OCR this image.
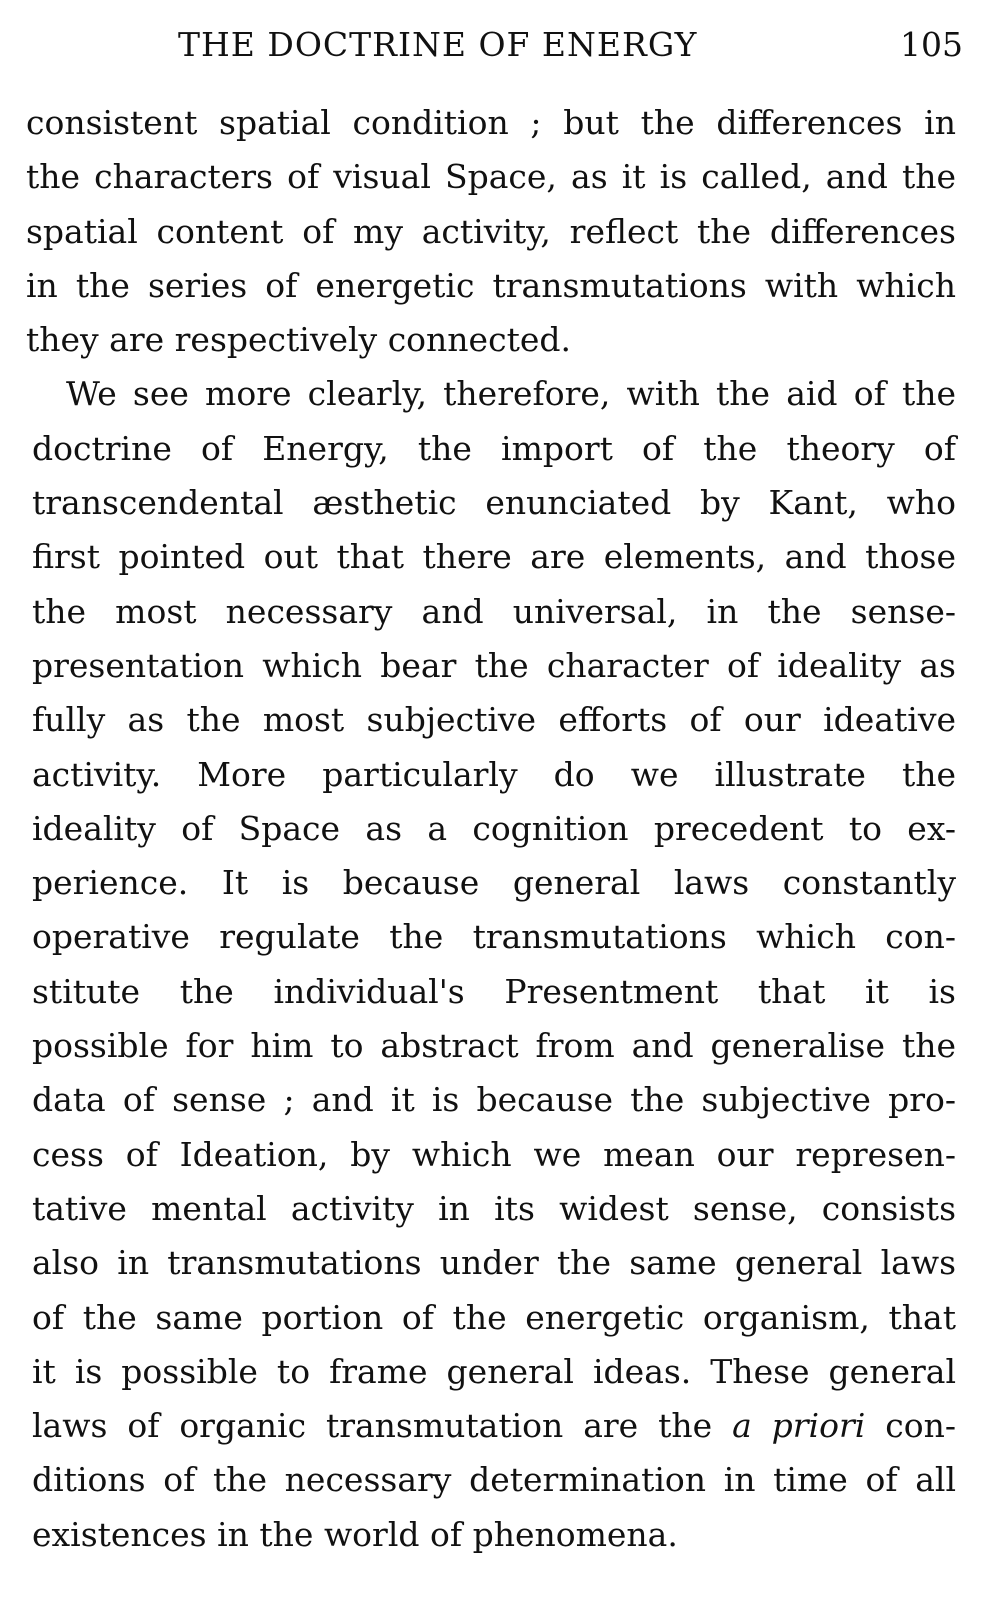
THE DOCTRINE OF ENERGY	105
consistent spatial condition ; but the differences in
the characters of visual Space, as it is called, and the
spatial content of my activity, reflect the differences
in the series of energetic transmutations with which
they are respectively connected.
We see more clearly, therefore, with the aid of the
doctrine of Energy, the import of the theory of
transcendental æsthetic enunciated by Kant, who
first pointed out that there are elements, and those
the most necessary and universal, in the sense-
presentation which bear the character of ideality as
fully as the most subjective efforts of our ideative
activity. More particularly do we illustrate the
ideality of Space as a cognition precedent to ex-
perience. It is because general laws constantly
operative regulate the transmutations which con-
stitute the individual's Presentment that it is
possible for him to abstract from and generalise the
data of sense ; and it is because the subjective pro-
cess of Ideation, by which we mean our represen-
tative mental activity in its widest sense, consists
also in transmutations under the same general laws
of the same portion of the energetic organism, that
it is possible to frame general ideas. These general
laws of organic transmutation are the a priori con-
ditions of the necessary determination in time of all
existences in the world of phenomena.
